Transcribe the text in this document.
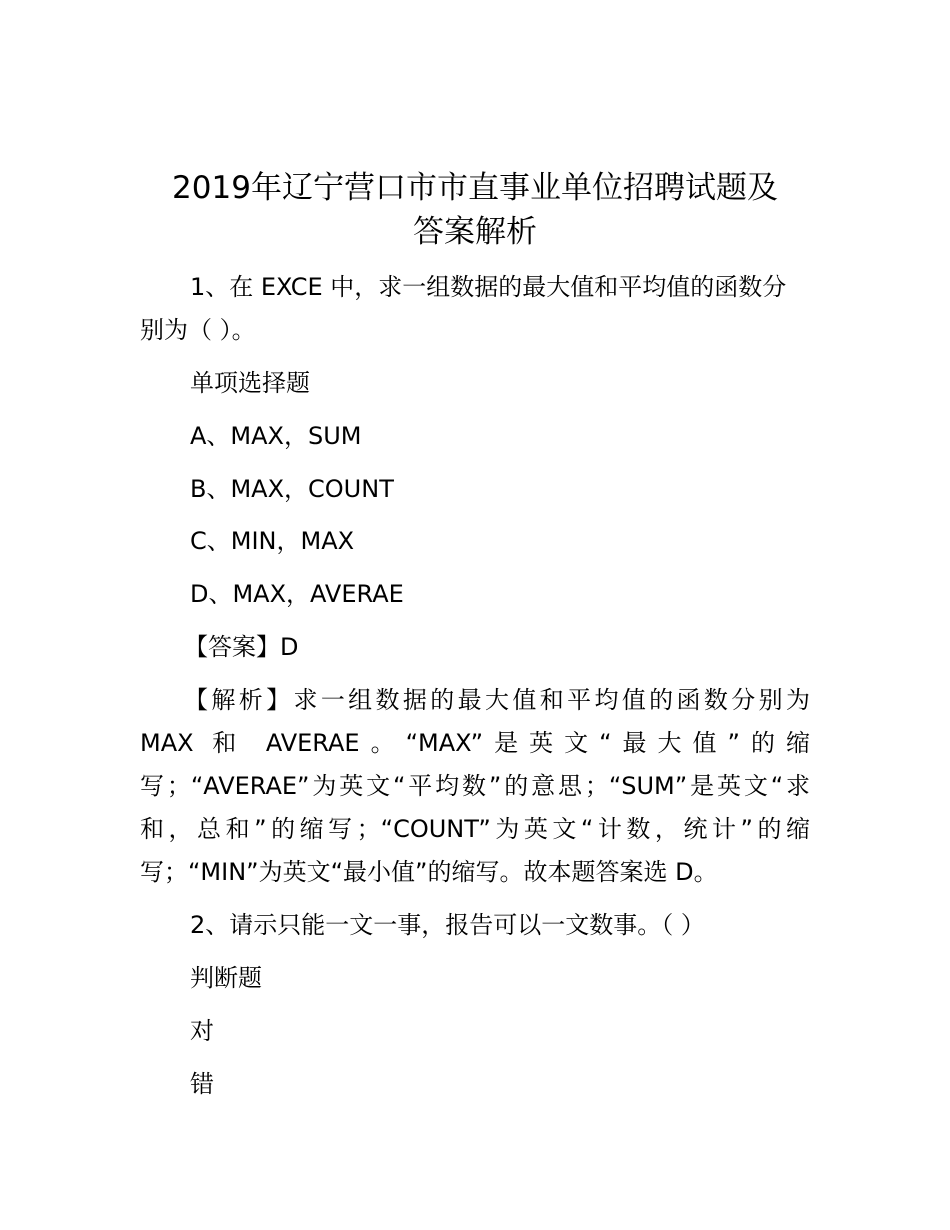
2019年辽宁营口市市直事业单位招聘试题及
答案解析

1、在 EXCE 中，求一组数据的最大值和平均值的函数分

别为（ ）。

单项选择题

A、MAX，SUM

B、MAX，COUNT

C、MIN，MAX

D、MAX，AVERAE

【答案】D

【解析】求一组数据的最大值和平均值的函数分别为

MAX 和 AVERAE。“MAX”是英文“最大值”的缩

写；“AVERAE”为英文“平均数”的意思；“SUM”是英文“求

和，总和”的缩写；“COUNT”为英文“计数，统计”的缩

写；“MIN”为英文“最小值”的缩写。故本题答案选 D。

2、请示只能一文一事，报告可以一文数事。（ ）

判断题

对

错
